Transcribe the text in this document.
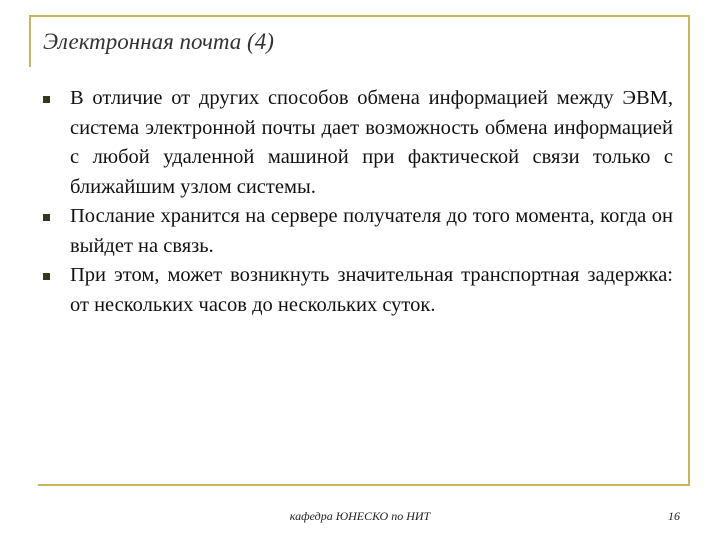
Электронная почта (4)
В отличие от других способов обмена информацией между ЭВМ, система электронной почты дает возможность обмена информацией с любой удаленной машиной при фактической связи только с ближайшим узлом системы.
Послание хранится на сервере получателя до того момента, когда он выйдет на связь.
При этом, может возникнуть значительная транспортная задержка: от нескольких часов до нескольких суток.
кафедра ЮНЕСКО по НИТ	16
